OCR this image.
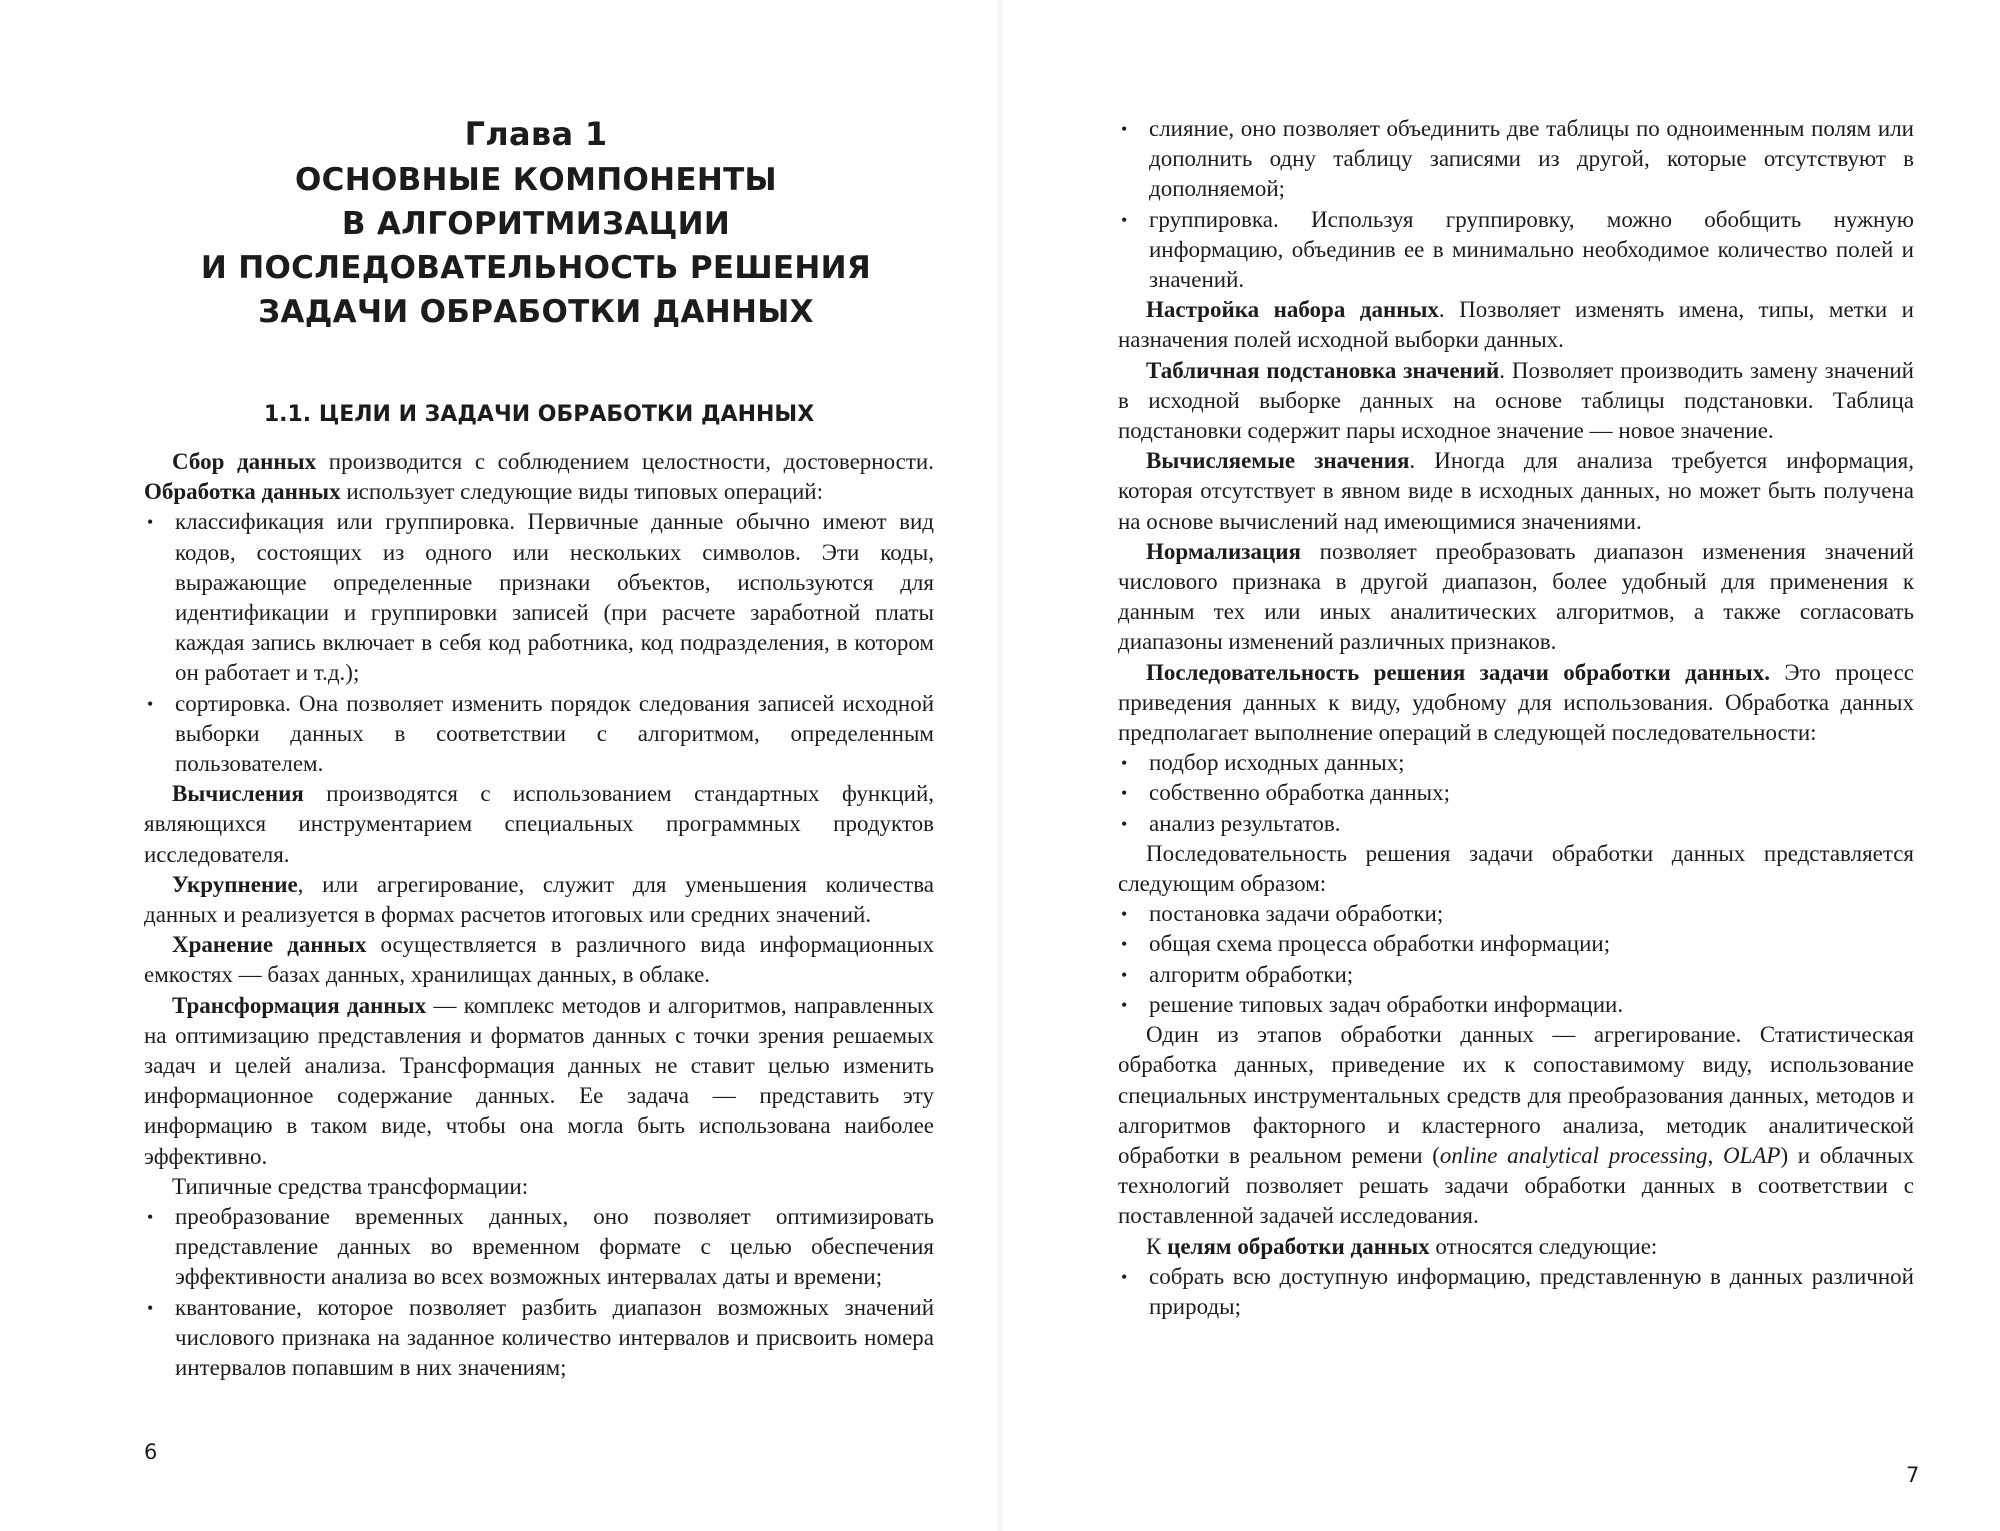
Глава 1
ОСНОВНЫЕ КОМПОНЕНТЫ
В АЛГОРИТМИЗАЦИИ
И ПОСЛЕДОВАТЕЛЬНОСТЬ РЕШЕНИЯ
ЗАДАЧИ ОБРАБОТКИ ДАННЫХ
1.1. ЦЕЛИ И ЗАДАЧИ ОБРАБОТКИ ДАННЫХ

Сбор данных производится с соблюдением целостности, достоверности. Обработка данных использует следующие виды типовых операций:

• классификация или группировка. Первичные данные обычно имеют вид кодов, состоящих из одного или нескольких символов. Эти коды, выражающие определенные признаки объектов, используются для идентификации и группировки записей (при расчете заработной платы каждая запись включает в себя код работника, код подразделения, в котором он работает и т.д.);
• сортировка. Она позволяет изменить порядок следования записей исходной выборки данных в соответствии с алгоритмом, определенным пользователем.

Вычисления производятся с использованием стандартных функций, являющихся инструментарием специальных программных продуктов исследователя.

Укрупнение, или агрегирование, служит для уменьшения количества данных и реализуется в формах расчетов итоговых или средних значений.

Хранение данных осуществляется в различного вида информационных емкостях — базах данных, хранилищах данных, в облаке.

Трансформация данных — комплекс методов и алгоритмов, направленных на оптимизацию представления и форматов данных с точки зрения решаемых задач и целей анализа. Трансформация данных не ставит целью изменить информационное содержание данных. Ее задача — представить эту информацию в таком виде, чтобы она могла быть использована наиболее эффективно.

Типичные средства трансформации:

• преобразование временных данных, оно позволяет оптимизировать представление данных во временном формате с целью обеспечения эффективности анализа во всех возможных интервалах даты и времени;
• квантование, которое позволяет разбить диапазон возможных значений числового признака на заданное количество интервалов и присвоить номера интервалов попавшим в них значениям;
6
• слияние, оно позволяет объединить две таблицы по одноименным полям или дополнить одну таблицу записями из другой, которые отсутствуют в дополняемой;
• группировка. Используя группировку, можно обобщить нужную информацию, объединив ее в минимально необходимое количество полей и значений.

Настройка набора данных. Позволяет изменять имена, типы, метки и назначения полей исходной выборки данных.

Табличная подстановка значений. Позволяет производить замену значений в исходной выборке данных на основе таблицы подстановки. Таблица подстановки содержит пары исходное значение — новое значение.

Вычисляемые значения. Иногда для анализа требуется информация, которая отсутствует в явном виде в исходных данных, но может быть получена на основе вычислений над имеющимися значениями.

Нормализация позволяет преобразовать диапазон изменения значений числового признака в другой диапазон, более удобный для применения к данным тех или иных аналитических алгоритмов, а также согласовать диапазоны изменений различных признаков.

Последовательность решения задачи обработки данных. Это процесс приведения данных к виду, удобному для использования. Обработка данных предполагает выполнение операций в следующей последовательности:

• подбор исходных данных;
• собственно обработка данных;
• анализ результатов.

Последовательность решения задачи обработки данных представляется следующим образом:

• постановка задачи обработки;
• общая схема процесса обработки информации;
• алгоритм обработки;
• решение типовых задач обработки информации.

Один из этапов обработки данных — агрегирование. Статистическая обработка данных, приведение их к сопоставимому виду, использование специальных инструментальных средств для преобразования данных, методов и алгоритмов факторного и кластерного анализа, методик аналитической обработки в реальном ремени (online analytical processing, OLAP) и облачных технологий позволяет решать задачи обработки данных в соответствии с поставленной задачей исследования.

К целям обработки данных относятся следующие:

• собрать всю доступную информацию, представленную в данных различной природы;
7
